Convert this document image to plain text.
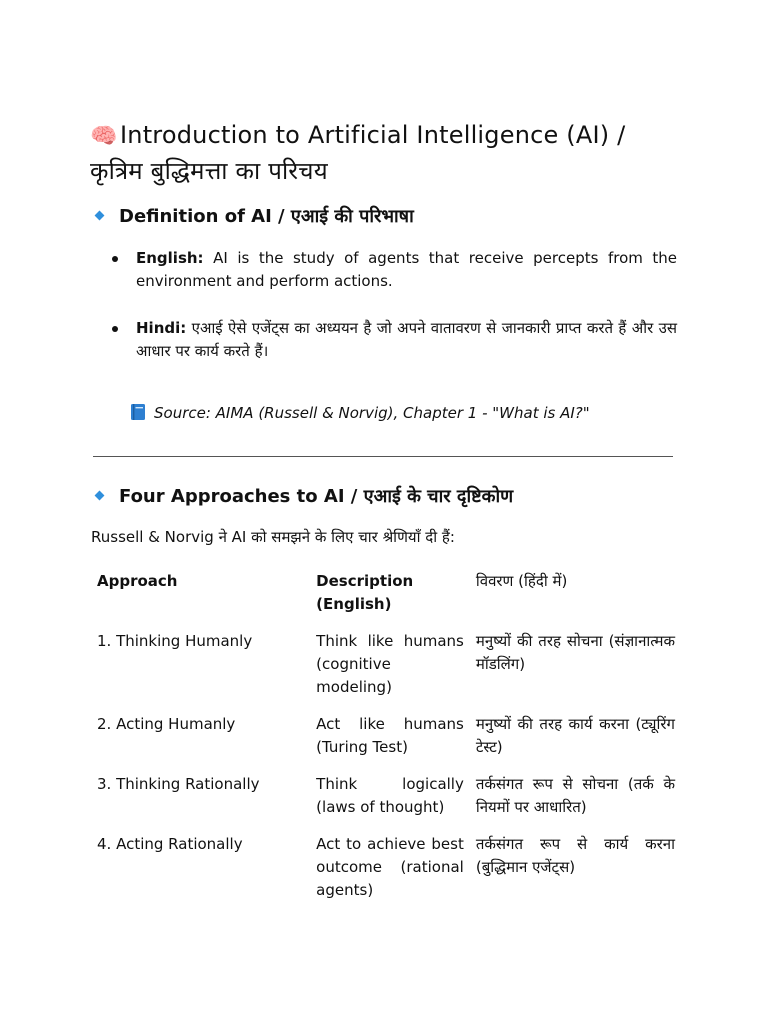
🧠 Introduction to Artificial Intelligence (AI) /
कृत्रिम बुद्धिमत्ता का परिचय
Definition of AI / एआई की परिभाषा
English: AI is the study of agents that receive percepts from the environment and perform actions.
Hindi: एआई ऐसे एजेंट्स का अध्ययन है जो अपने वातावरण से जानकारी प्राप्त करते हैं और उस आधार पर कार्य करते हैं।
Source: AIMA (Russell & Norvig), Chapter 1 - "What is AI?"
Four Approaches to AI / एआई के चार दृष्टिकोण
Russell & Norvig ने AI को समझने के लिए चार श्रेणियाँ दी हैं:
Approach	Description (English)	विवरण (हिंदी में)
1. Thinking Humanly	Think like humans (cognitive modeling)	मनुष्यों की तरह सोचना (संज्ञानात्मक मॉडलिंग)
2. Acting Humanly	Act like humans (Turing Test)	मनुष्यों की तरह कार्य करना (ट्यूरिंग टेस्ट)
3. Thinking Rationally	Think logically (laws of thought)	तर्कसंगत रूप से सोचना (तर्क के नियमों पर आधारित)
4. Acting Rationally	Act to achieve best outcome (rational agents)	तर्कसंगत रूप से कार्य करना (बुद्धिमान एजेंट्स)
